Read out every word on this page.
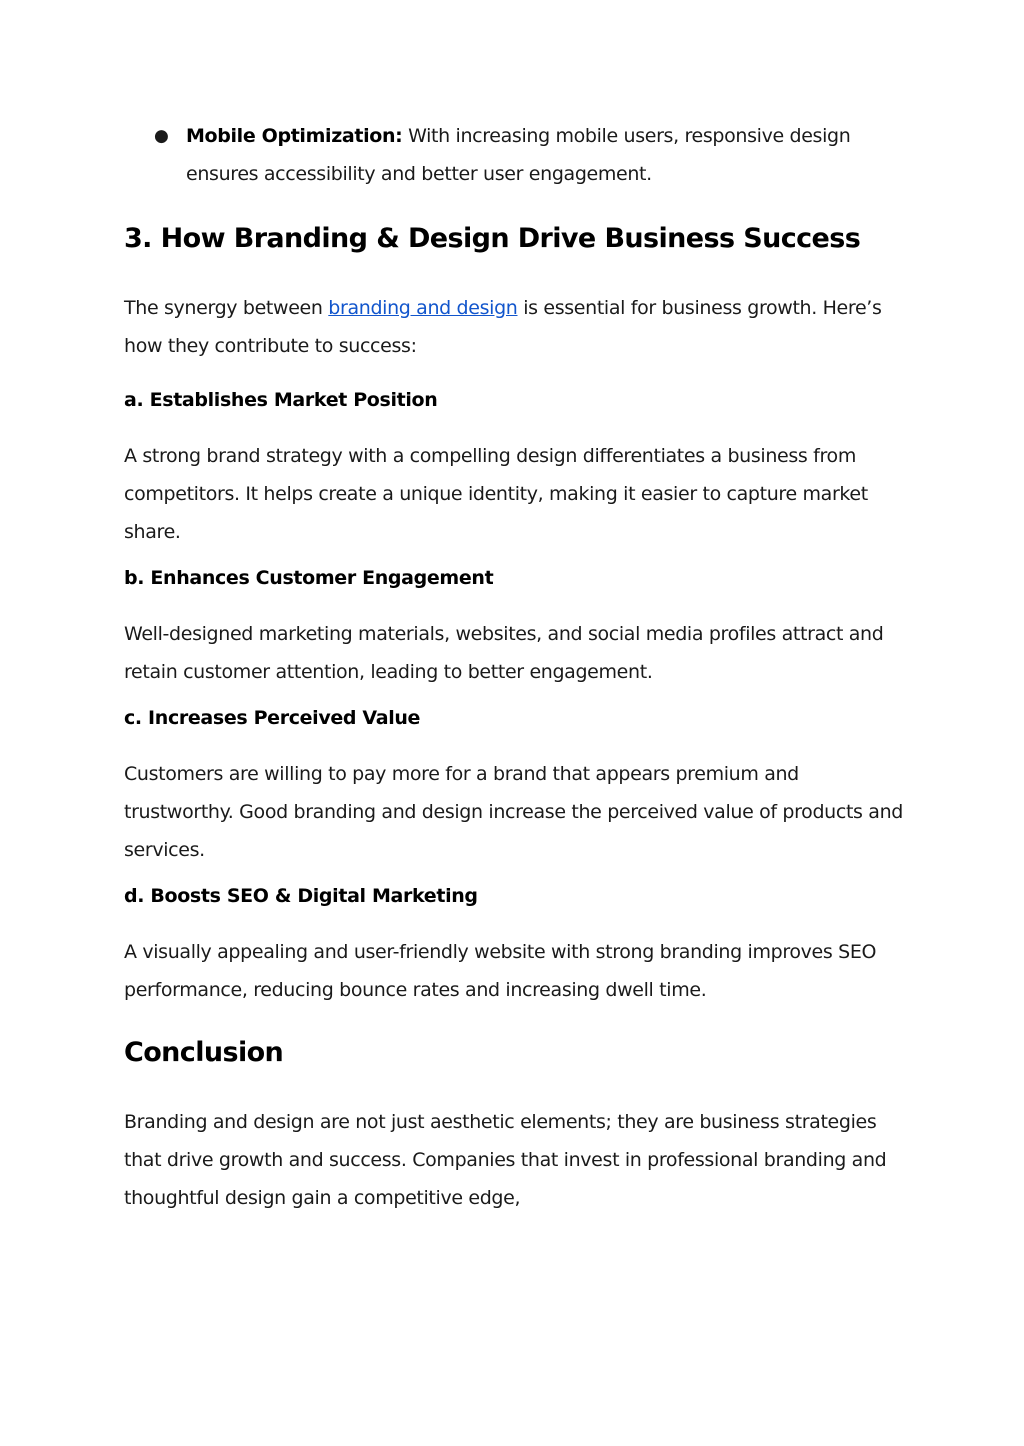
● Mobile Optimization: With increasing mobile users, responsive design ensures accessibility and better user engagement.
3. How Branding & Design Drive Business Success

The synergy between branding and design is essential for business growth. Here’s how they contribute to success:

a. Establishes Market Position

A strong brand strategy with a compelling design differentiates a business from competitors. It helps create a unique identity, making it easier to capture market share.

b. Enhances Customer Engagement

Well-designed marketing materials, websites, and social media profiles attract and retain customer attention, leading to better engagement.

c. Increases Perceived Value

Customers are willing to pay more for a brand that appears premium and trustworthy. Good branding and design increase the perceived value of products and services.

d. Boosts SEO & Digital Marketing

A visually appealing and user-friendly website with strong branding improves SEO performance, reducing bounce rates and increasing dwell time.

Conclusion

Branding and design are not just aesthetic elements; they are business strategies that drive growth and success. Companies that invest in professional branding and thoughtful design gain a competitive edge,
